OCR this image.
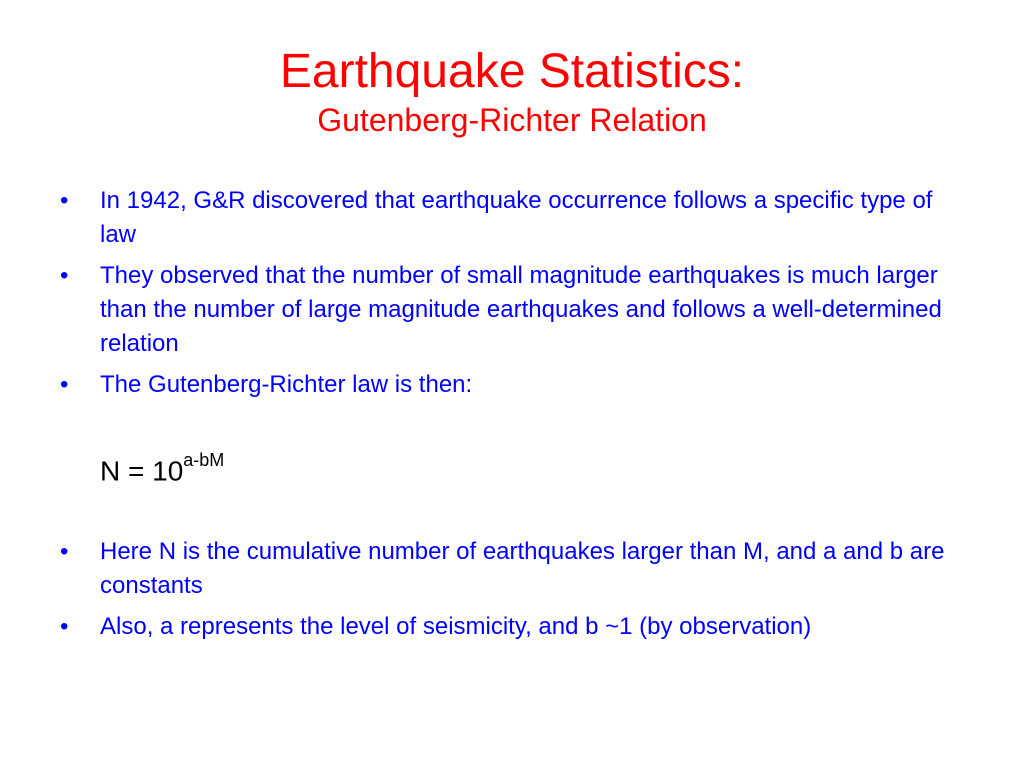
Earthquake Statistics:
Gutenberg-Richter Relation
• In 1942, G&R discovered that earthquake occurrence follows a specific type of law
• They observed that the number of small magnitude earthquakes is much larger than the number of large magnitude earthquakes and follows a well-determined relation
• The Gutenberg-Richter law is then:
$N = 10^{a-bM}$
• Here N is the cumulative number of earthquakes larger than M, and a and b are constants
• Also, a represents the level of seismicity, and b ~1 (by observation)
